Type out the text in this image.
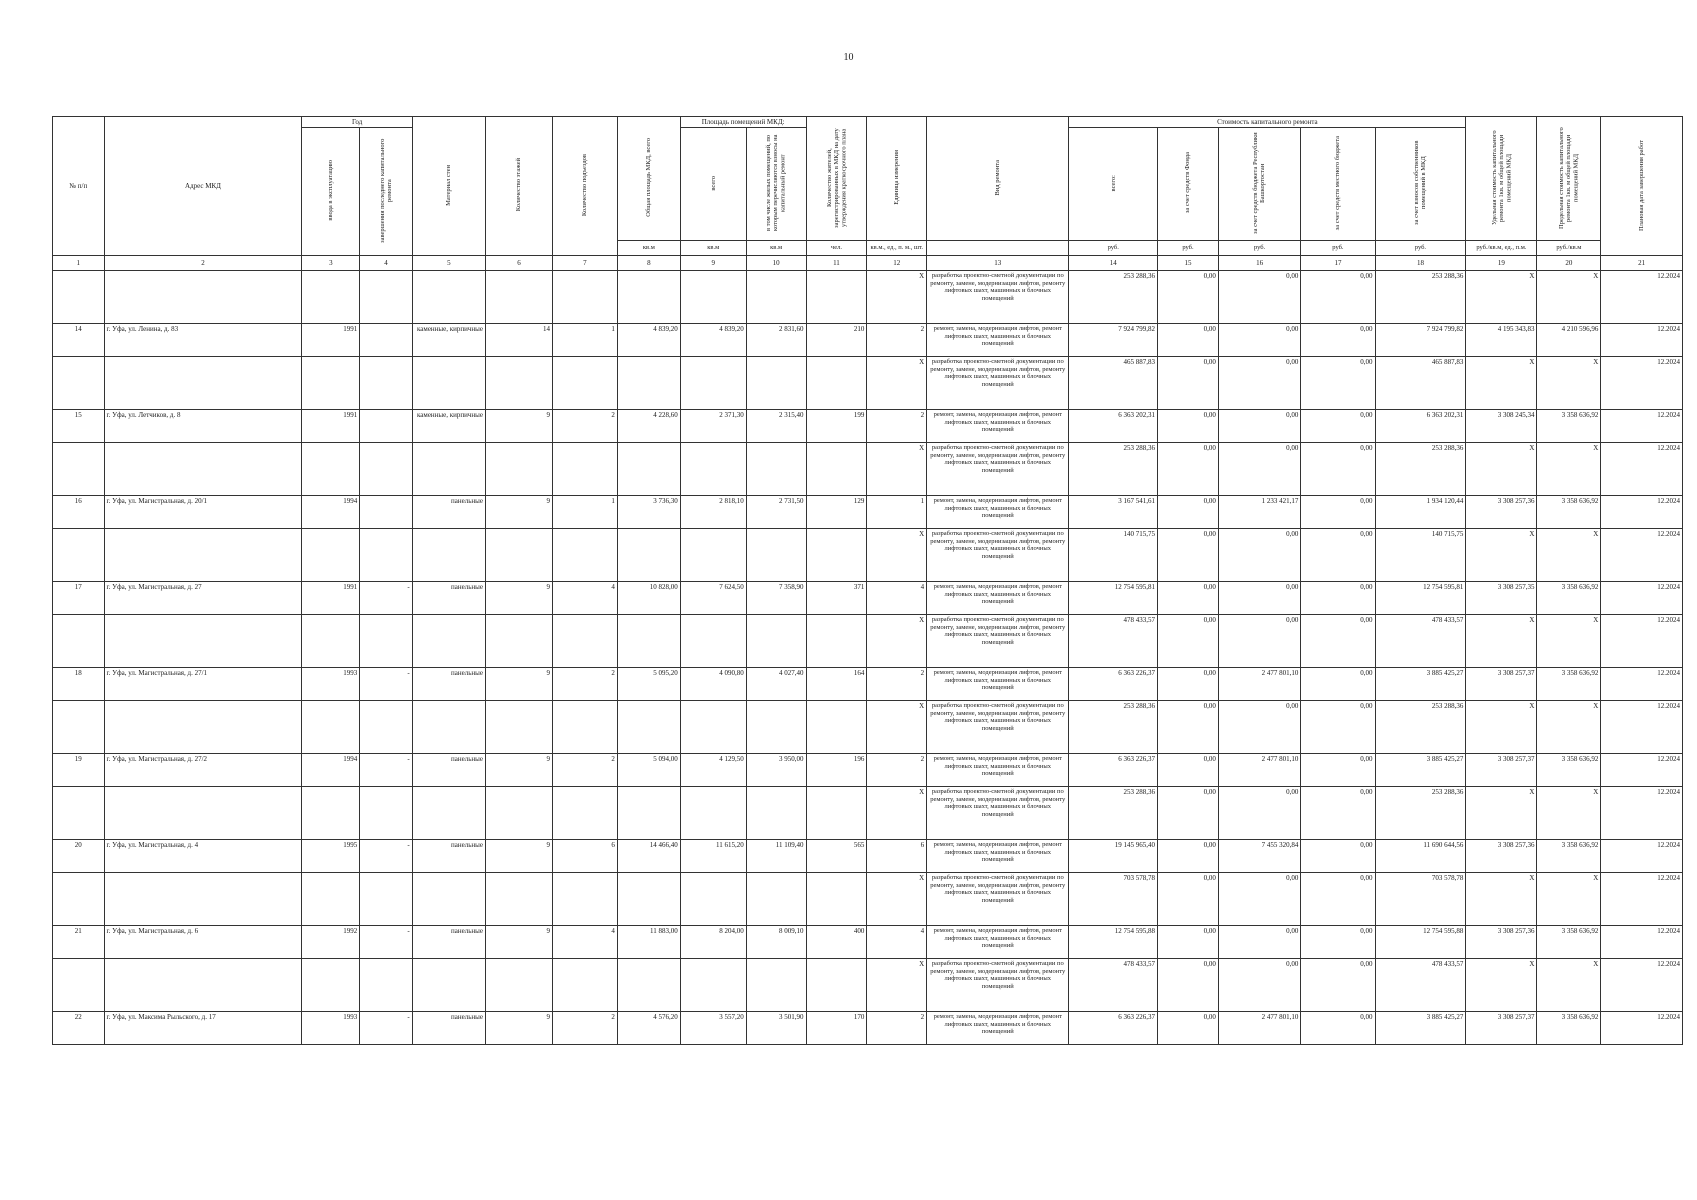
10
№ п/п	Адрес МКД	Год		Материал стен	Количество этажей	Количество подъездов	Общая площадь МКД, всего	Площадь помещений МКД:		Количество жителей, зарегистрированных в МКД на дату утверждения краткосрочного плана	Единица измерения	Вид ремонта	Стоимость капитального ремонта					Удельная стоимость капитального ремонта 1кв. м общей площади помещений МКД	Предельная стоимость капитального ремонта 1кв. м общей площади помещений МКД	Плановая дата завершения работ
		ввода в эксплуатацию	завершения последнего капитального ремонта					всего	в том числе жилых помещений, по которым перечисляются взносы на капитальный ремонт				всего:	за счет средств Фонда	за счет средств бюджета Республики Башкортостан	за счет средств местного бюджета	за счет взносов собственников помещений в МКД			
							кв.м	кв.м	кв.м	чел.	кв.м., ед., п. м., шт.		руб.	руб.	руб.	руб.	руб.	руб./кв.м, ед., п.м.	руб./кв.м	
1	2	3	4	5	6	7	8	9	10	11	12	13	14	15	16	17	18	19	20	21
											X	разработка проектно-сметной документации по ремонту, замене, модернизации лифтов, ремонту лифтовых шахт, машинных и блочных помещений	253 288,36	0,00	0,00	0,00	253 288,36	X	X	12.2024
14	г. Уфа, ул. Ленина, д. 83	1991		каменные, кирпичные	14	1	4 839,20	4 839,20	2 831,60	210	2	ремонт, замена, модернизация лифтов, ремонт лифтовых шахт, машинных и блочных помещений	7 924 799,82	0,00	0,00	0,00	7 924 799,82	4 195 343,83	4 210 596,96	12.2024
											X	разработка проектно-сметной документации по ремонту, замене, модернизации лифтов, ремонту лифтовых шахт, машинных и блочных помещений	465 887,83	0,00	0,00	0,00	465 887,83	X	X	12.2024
15	г. Уфа, ул. Летчиков, д. 8	1991		каменные, кирпичные	9	2	4 228,60	2 371,30	2 315,40	199	2	ремонт, замена, модернизация лифтов, ремонт лифтовых шахт, машинных и блочных помещений	6 363 202,31	0,00	0,00	0,00	6 363 202,31	3 308 245,34	3 358 636,92	12.2024
											X	разработка проектно-сметной документации по ремонту, замене, модернизации лифтов, ремонту лифтовых шахт, машинных и блочных помещений	253 288,36	0,00	0,00	0,00	253 288,36	X	X	12.2024
16	г. Уфа, ул. Магистральная, д. 20/1	1994		панельные	9	1	3 736,30	2 818,10	2 731,50	129	1	ремонт, замена, модернизация лифтов, ремонт лифтовых шахт, машинных и блочных помещений	3 167 541,61	0,00	1 233 421,17	0,00	1 934 120,44	3 308 257,36	3 358 636,92	12.2024
											X	разработка проектно-сметной документации по ремонту, замене, модернизации лифтов, ремонту лифтовых шахт, машинных и блочных помещений	140 715,75	0,00	0,00	0,00	140 715,75	X	X	12.2024
17	г. Уфа, ул. Магистральная, д. 27	1991	-	панельные	9	4	10 828,00	7 624,50	7 358,90	371	4	ремонт, замена, модернизация лифтов, ремонт лифтовых шахт, машинных и блочных помещений	12 754 595,81	0,00	0,00	0,00	12 754 595,81	3 308 257,35	3 358 636,92	12.2024
											X	разработка проектно-сметной документации по ремонту, замене, модернизации лифтов, ремонту лифтовых шахт, машинных и блочных помещений	478 433,57	0,00	0,00	0,00	478 433,57	X	X	12.2024
18	г. Уфа, ул. Магистральная, д. 27/1	1993	-	панельные	9	2	5 095,20	4 090,80	4 027,40	164	2	ремонт, замена, модернизация лифтов, ремонт лифтовых шахт, машинных и блочных помещений	6 363 226,37	0,00	2 477 801,10	0,00	3 885 425,27	3 308 257,37	3 358 636,92	12.2024
											X	разработка проектно-сметной документации по ремонту, замене, модернизации лифтов, ремонту лифтовых шахт, машинных и блочных помещений	253 288,36	0,00	0,00	0,00	253 288,36	X	X	12.2024
19	г. Уфа, ул. Магистральная, д. 27/2	1994	-	панельные	9	2	5 094,00	4 129,50	3 950,00	196	2	ремонт, замена, модернизация лифтов, ремонт лифтовых шахт, машинных и блочных помещений	6 363 226,37	0,00	2 477 801,10	0,00	3 885 425,27	3 308 257,37	3 358 636,92	12.2024
											X	разработка проектно-сметной документации по ремонту, замене, модернизации лифтов, ремонту лифтовых шахт, машинных и блочных помещений	253 288,36	0,00	0,00	0,00	253 288,36	X	X	12.2024
20	г. Уфа, ул. Магистральная, д. 4	1995	-	панельные	9	6	14 466,40	11 615,20	11 109,40	565	6	ремонт, замена, модернизация лифтов, ремонт лифтовых шахт, машинных и блочных помещений	19 145 965,40	0,00	7 455 320,84	0,00	11 690 644,56	3 308 257,36	3 358 636,92	12.2024
											X	разработка проектно-сметной документации по ремонту, замене, модернизации лифтов, ремонту лифтовых шахт, машинных и блочных помещений	703 578,78	0,00	0,00	0,00	703 578,78	X	X	12.2024
21	г. Уфа, ул. Магистральная, д. 6	1992	-	панельные	9	4	11 883,00	8 204,00	8 009,10	400	4	ремонт, замена, модернизация лифтов, ремонт лифтовых шахт, машинных и блочных помещений	12 754 595,88	0,00	0,00	0,00	12 754 595,88	3 308 257,36	3 358 636,92	12.2024
											X	разработка проектно-сметной документации по ремонту, замене, модернизации лифтов, ремонту лифтовых шахт, машинных и блочных помещений	478 433,57	0,00	0,00	0,00	478 433,57	X	X	12.2024
22	г. Уфа, ул. Максима Рыльского, д. 17	1993	-	панельные	9	2	4 576,20	3 557,20	3 501,90	170	2	ремонт, замена, модернизация лифтов, ремонт лифтовых шахт, машинных и блочных помещений	6 363 226,37	0,00	2 477 801,10	0,00	3 885 425,27	3 308 257,37	3 358 636,92	12.2024
